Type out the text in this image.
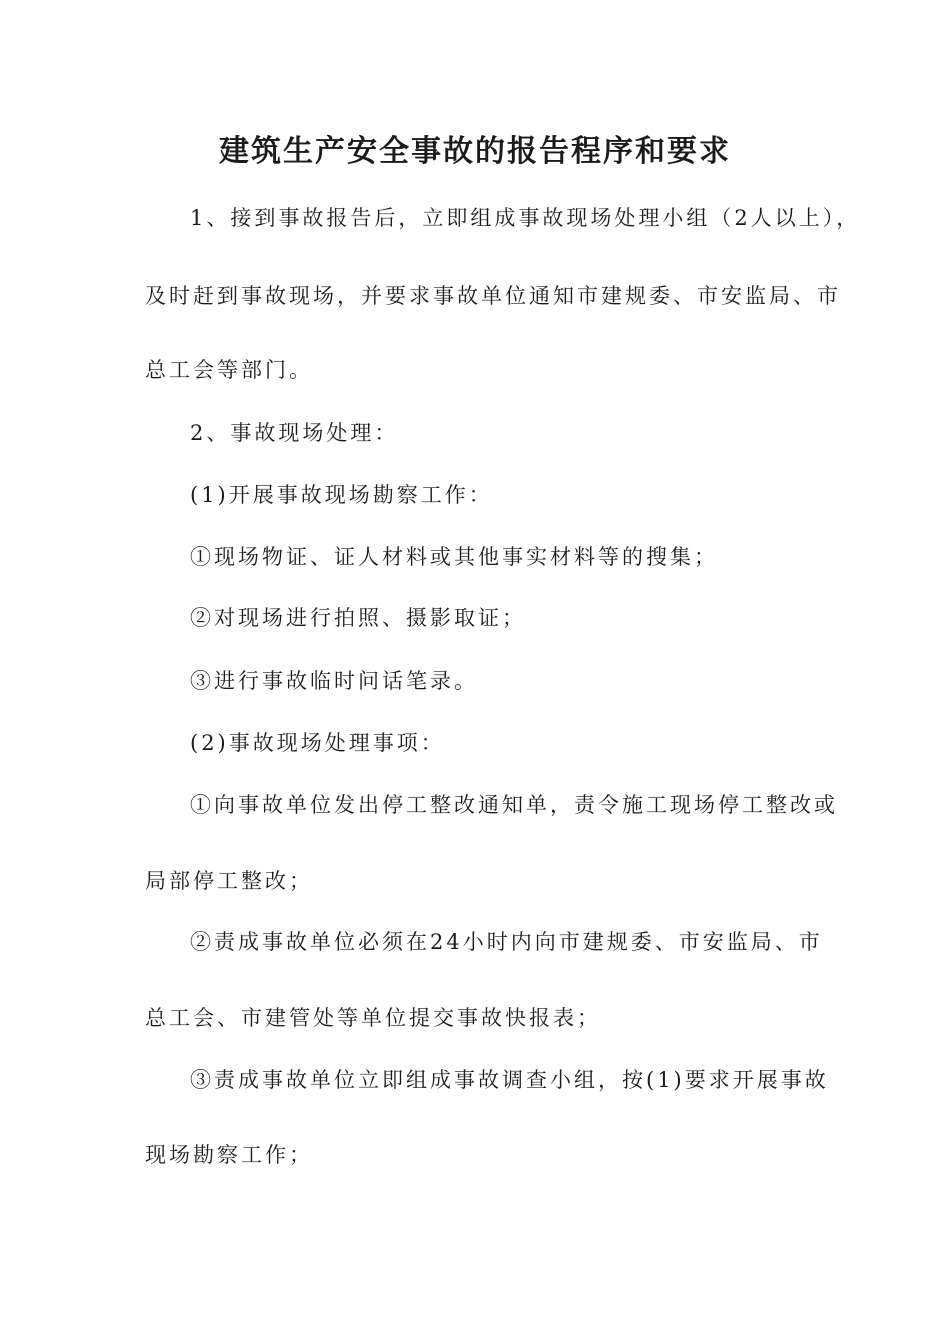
建筑生产安全事故的报告程序和要求
1、接到事故报告后，立即组成事故现场处理小组（2人以上），
及时赶到事故现场，并要求事故单位通知市建规委、市安监局、市
总工会等部门。
2、事故现场处理：
(1)开展事故现场勘察工作：
①现场物证、证人材料或其他事实材料等的搜集；
②对现场进行拍照、摄影取证；
③进行事故临时问话笔录。
(2)事故现场处理事项：
①向事故单位发出停工整改通知单，责令施工现场停工整改或
局部停工整改；
②责成事故单位必须在24小时内向市建规委、市安监局、市
总工会、市建管处等单位提交事故快报表；
③责成事故单位立即组成事故调查小组，按(1)要求开展事故
现场勘察工作；
